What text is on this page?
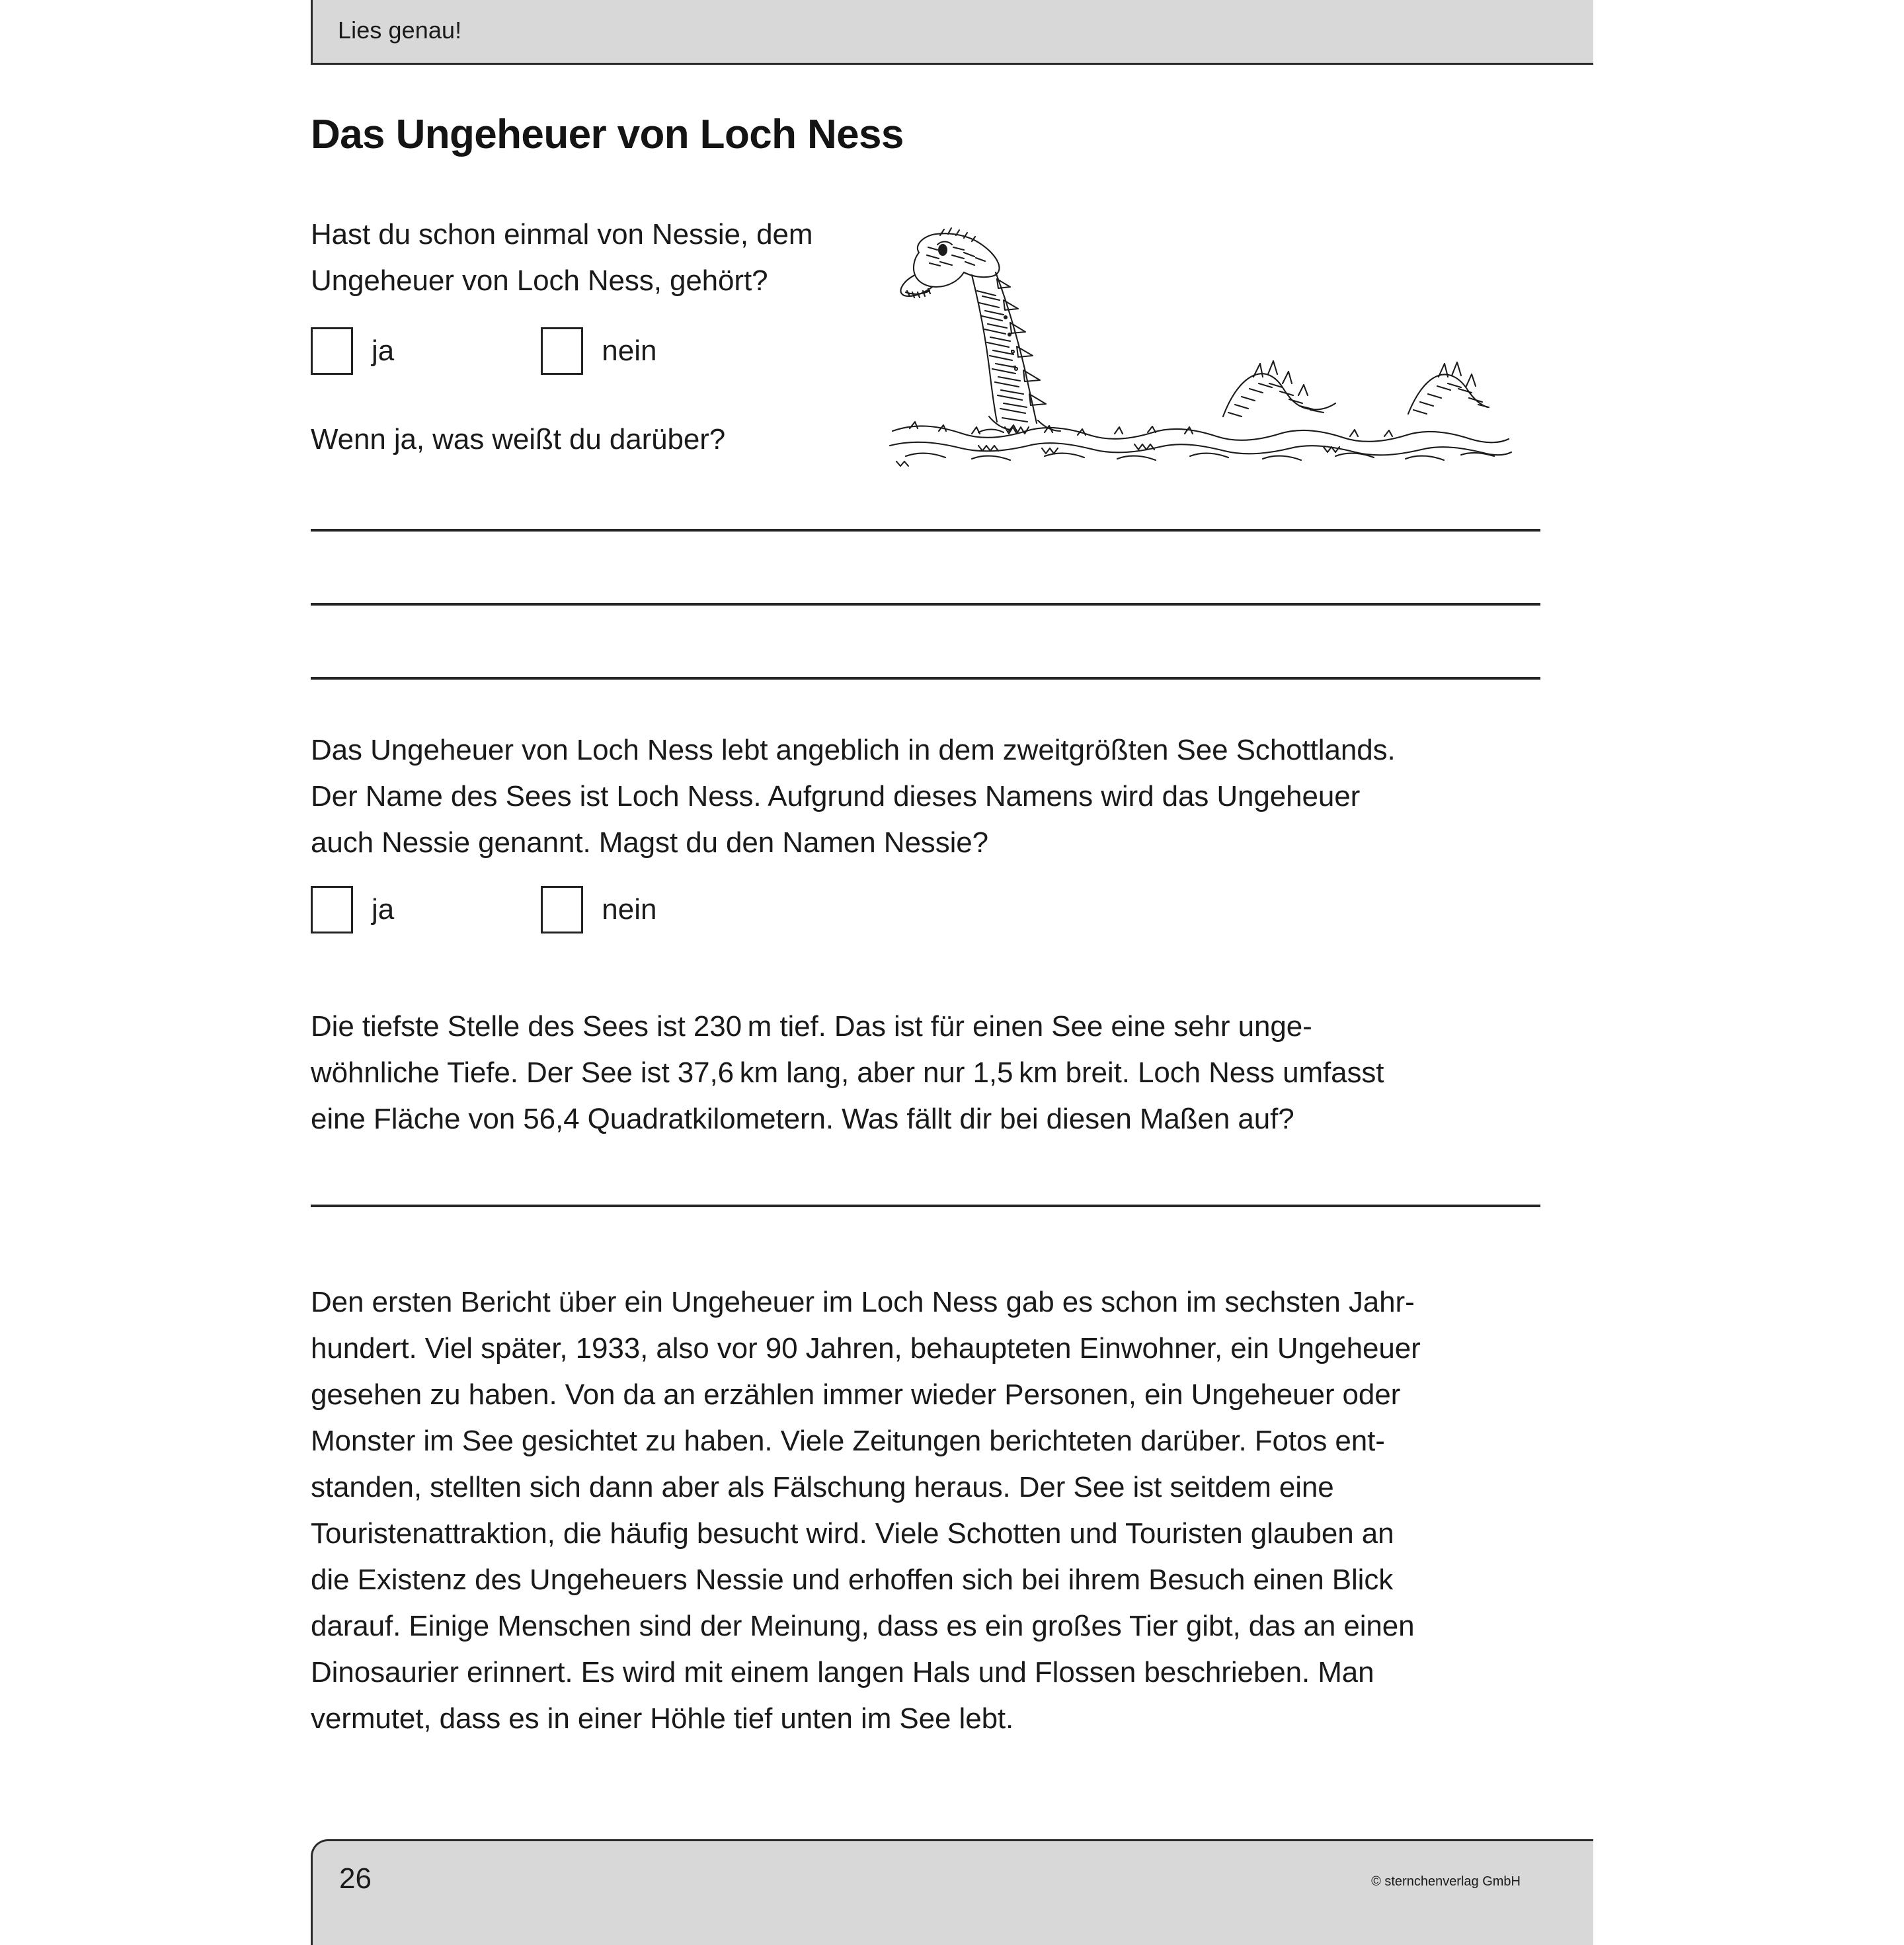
Lies genau!
Das Ungeheuer von Loch Ness
Hast du schon einmal von Nessie, dem
Ungeheuer von Loch Ness, gehört?
ja	nein
Wenn ja, was weißt du darüber?
Das Ungeheuer von Loch Ness lebt angeblich in dem zweitgrößten See Schottlands.
Der Name des Sees ist Loch Ness. Aufgrund dieses Namens wird das Ungeheuer
auch Nessie genannt. Magst du den Namen Nessie?
ja	nein
Die tiefste Stelle des Sees ist 230 m tief. Das ist für einen See eine sehr unge-
wöhnliche Tiefe. Der See ist 37,6 km lang, aber nur 1,5 km breit. Loch Ness umfasst
eine Fläche von 56,4 Quadratkilometern. Was fällt dir bei diesen Maßen auf?
Den ersten Bericht über ein Ungeheuer im Loch Ness gab es schon im sechsten Jahr-
hundert. Viel später, 1933, also vor 90 Jahren, behaupteten Einwohner, ein Ungeheuer
gesehen zu haben. Von da an erzählen immer wieder Personen, ein Ungeheuer oder
Monster im See gesichtet zu haben. Viele Zeitungen berichteten darüber. Fotos ent-
standen, stellten sich dann aber als Fälschung heraus. Der See ist seitdem eine
Touristenattraktion, die häufig besucht wird. Viele Schotten und Touristen glauben an
die Existenz des Ungeheuers Nessie und erhoffen sich bei ihrem Besuch einen Blick
darauf. Einige Menschen sind der Meinung, dass es ein großes Tier gibt, das an einen
Dinosaurier erinnert. Es wird mit einem langen Hals und Flossen beschrieben. Man
vermutet, dass es in einer Höhle tief unten im See lebt.
26	© sternchenverlag GmbH
